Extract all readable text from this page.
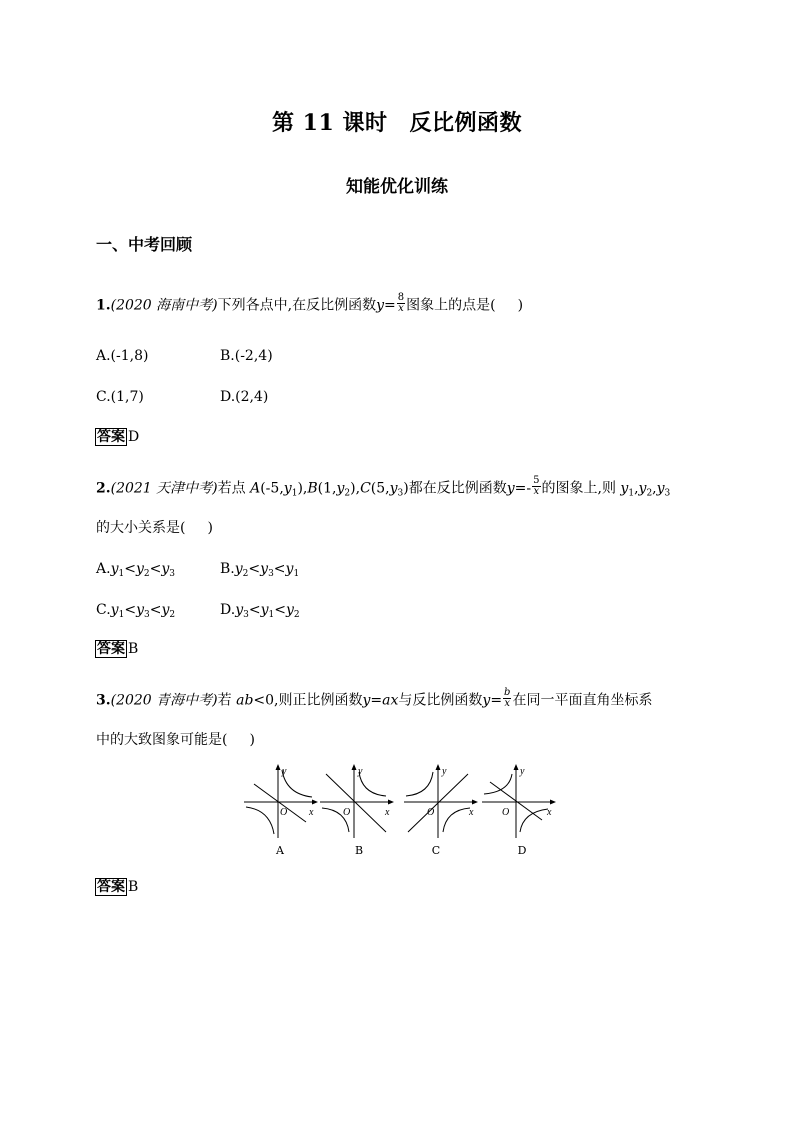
第 11 课时 反比例函数
知能优化训练
一、中考回顾
1.(2020 海南中考)下列各点中,在反比例函数$y= \frac{8}{x}$ 图象上的点是( )
A.(-1,8)	B.(-2,4)
C.(1,7)	D.(2,4)
答案 D
2.(2021 天津中考)若点 $A(-5,y_1),B(1,y_2),C(5,y_3)$都在反比例函数$y=- \frac{5}{x}$ 的图象上,则 $y_1,y_2,y_3$
的大小关系是( )
$A.y_1<y_2<y_3$	$B.y_2<y_3<y_1$
$C.y_1<y_3<y_2$	$D.y_3<y_1<y_2$
答案 B
3.(2020 青海中考)若 ab<0,则正比例函数y=ax与反比例函数$y= \frac{b}{x}$ 在同一平面直角坐标系
中的大致图象可能是( )
y
x
O
A
y
x
O
B
y
x
O
C
y
x
O
D
答案 B
